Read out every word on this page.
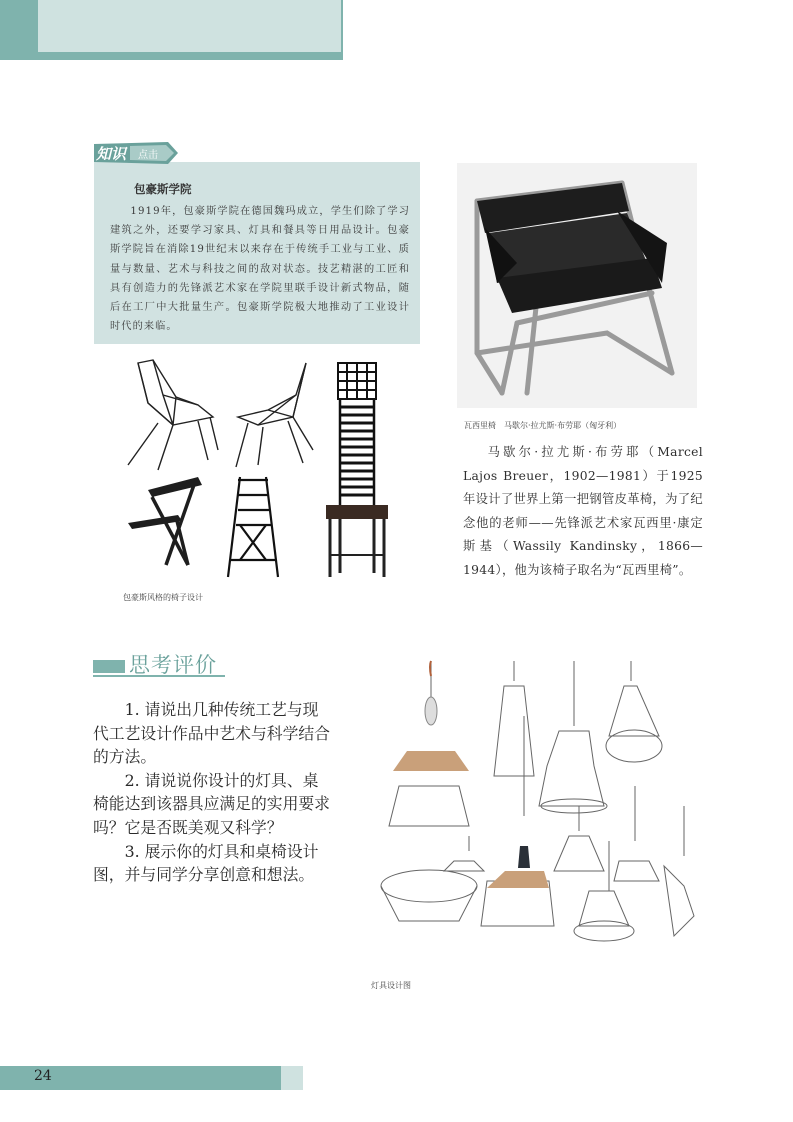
知识 点击
包豪斯学院
1919年，包豪斯学院在德国魏玛成立，学生们除了学习建筑之外，还要学习家具、灯具和餐具等日用品设计。包豪斯学院旨在消除19世纪末以来存在于传统手工业与工业、质量与数量、艺术与科技之间的敌对状态。技艺精湛的工匠和具有创造力的先锋派艺术家在学院里联手设计新式物品，随后在工厂中大批量生产。包豪斯学院极大地推动了工业设计时代的来临。
包豪斯风格的椅子设计
瓦西里椅　马歇尔·拉尤斯·布劳耶（匈牙利）
马歇尔·拉尤斯·布劳耶（Marcel Lajos Breuer，1902—1981）于1925年设计了世界上第一把钢管皮革椅，为了纪念他的老师——先锋派艺术家瓦西里·康定斯基（Wassily Kandinsky，1866—1944），他为该椅子取名为“瓦西里椅”。
思考评价

1. 请说出几种传统工艺与现代工艺设计作品中艺术与科学结合的方法。

2. 请说说你设计的灯具、桌椅能达到该器具应满足的实用要求吗？它是否既美观又科学？

3. 展示你的灯具和桌椅设计图，并与同学分享创意和想法。

灯具设计图
24
